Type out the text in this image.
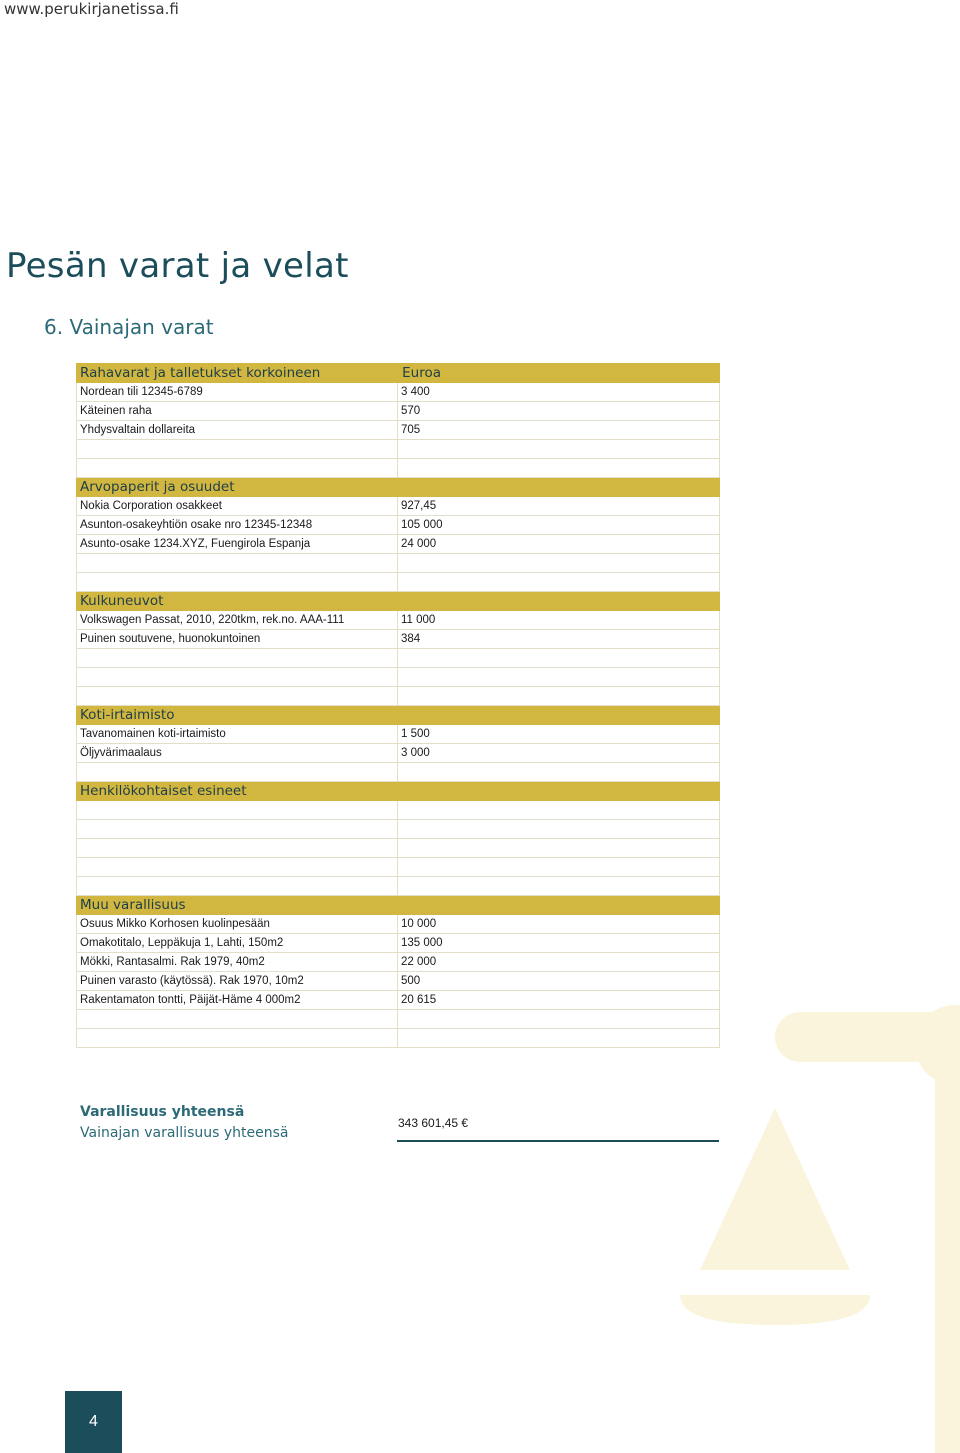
www.perukirjanetissa.fi
Pesän varat ja velat
6. Vainajan varat
Rahavarat ja talletukset korkoineen	Euroa
Nordean tili 12345-6789	3 400
Käteinen raha	570
Yhdysvaltain dollareita	705

Arvopaperit ja osuudet	
Nokia Corporation osakkeet	927,45
Asunton-osakeyhtiön osake nro 12345-12348	105 000
Asunto-osake 1234.XYZ, Fuengirola Espanja	24 000

Kulkuneuvot	
Volkswagen Passat, 2010, 220tkm, rek.no. AAA-111	11 000
Puinen soutuvene, huonokuntoinen	384

Koti-irtaimisto	
Tavanomainen koti-irtaimisto	1 500
Öljyvärimaalaus	3 000

Henkilökohtaiset esineet	

Muu varallisuus	
Osuus Mikko Korhosen kuolinpesään	10 000
Omakotitalo, Leppäkuja 1, Lahti, 150m2	135 000
Mökki, Rantasalmi. Rak 1979, 40m2	22 000
Puinen varasto (käytössä). Rak 1970, 10m2	500
Rakentamaton tontti, Päijät-Häme 4 000m2	20 615

Varallisuus yhteensä
Vainajan varallisuus yhteensä
343 601,45 €
4
